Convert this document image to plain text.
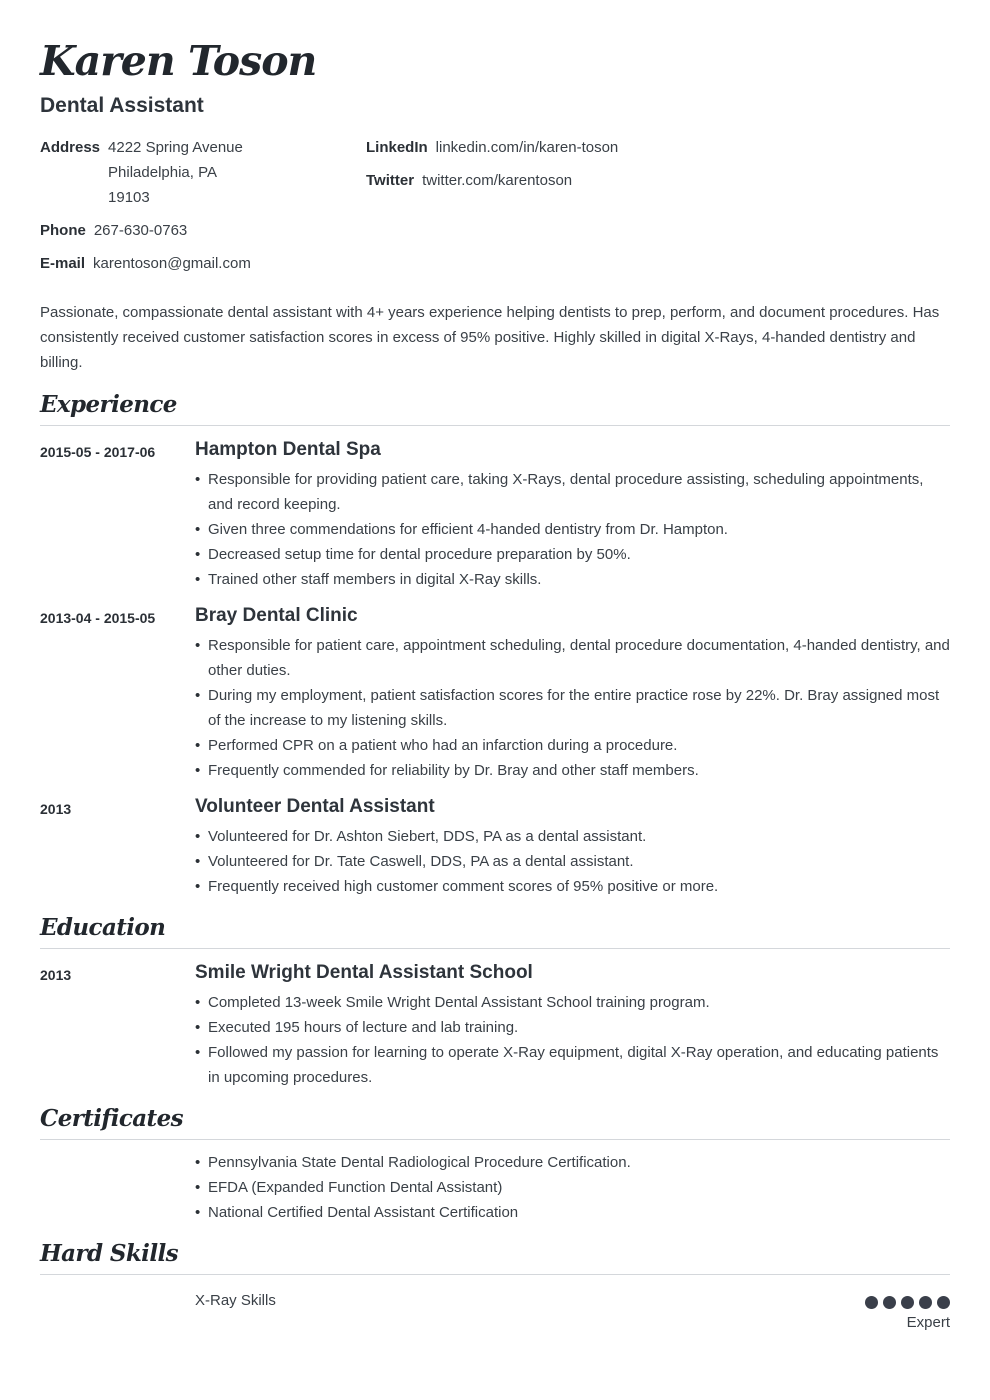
Karen Toson
Dental Assistant
Address 4222 Spring Avenue
Philadelphia, PA
19103
Phone 267-630-0763
E-mail karentoson@gmail.com
LinkedIn linkedin.com/in/karen-toson
Twitter twitter.com/karentoson
Passionate, compassionate dental assistant with 4+ years experience helping dentists to prep, perform, and document procedures. Has consistently received customer satisfaction scores in excess of 95% positive. Highly skilled in digital X-Rays, 4-handed dentistry and billing.
Experience
2015-05 - 2017-06	Hampton Dental Spa
• Responsible for providing patient care, taking X-Rays, dental procedure assisting, scheduling appointments, and record keeping.
• Given three commendations for efficient 4-handed dentistry from Dr. Hampton.
• Decreased setup time for dental procedure preparation by 50%.
• Trained other staff members in digital X-Ray skills.
2013-04 - 2015-05	Bray Dental Clinic
• Responsible for patient care, appointment scheduling, dental procedure documentation, 4-handed dentistry, and other duties.
• During my employment, patient satisfaction scores for the entire practice rose by 22%. Dr. Bray assigned most of the increase to my listening skills.
• Performed CPR on a patient who had an infarction during a procedure.
• Frequently commended for reliability by Dr. Bray and other staff members.
2013	Volunteer Dental Assistant
• Volunteered for Dr. Ashton Siebert, DDS, PA as a dental assistant.
• Volunteered for Dr. Tate Caswell, DDS, PA as a dental assistant.
• Frequently received high customer comment scores of 95% positive or more.
Education
2013	Smile Wright Dental Assistant School
• Completed 13-week Smile Wright Dental Assistant School training program.
• Executed 195 hours of lecture and lab training.
• Followed my passion for learning to operate X-Ray equipment, digital X-Ray operation, and educating patients in upcoming procedures.
Certificates
• Pennsylvania State Dental Radiological Procedure Certification.
• EFDA (Expanded Function Dental Assistant)
• National Certified Dental Assistant Certification
Hard Skills
X-Ray Skills
Expert
